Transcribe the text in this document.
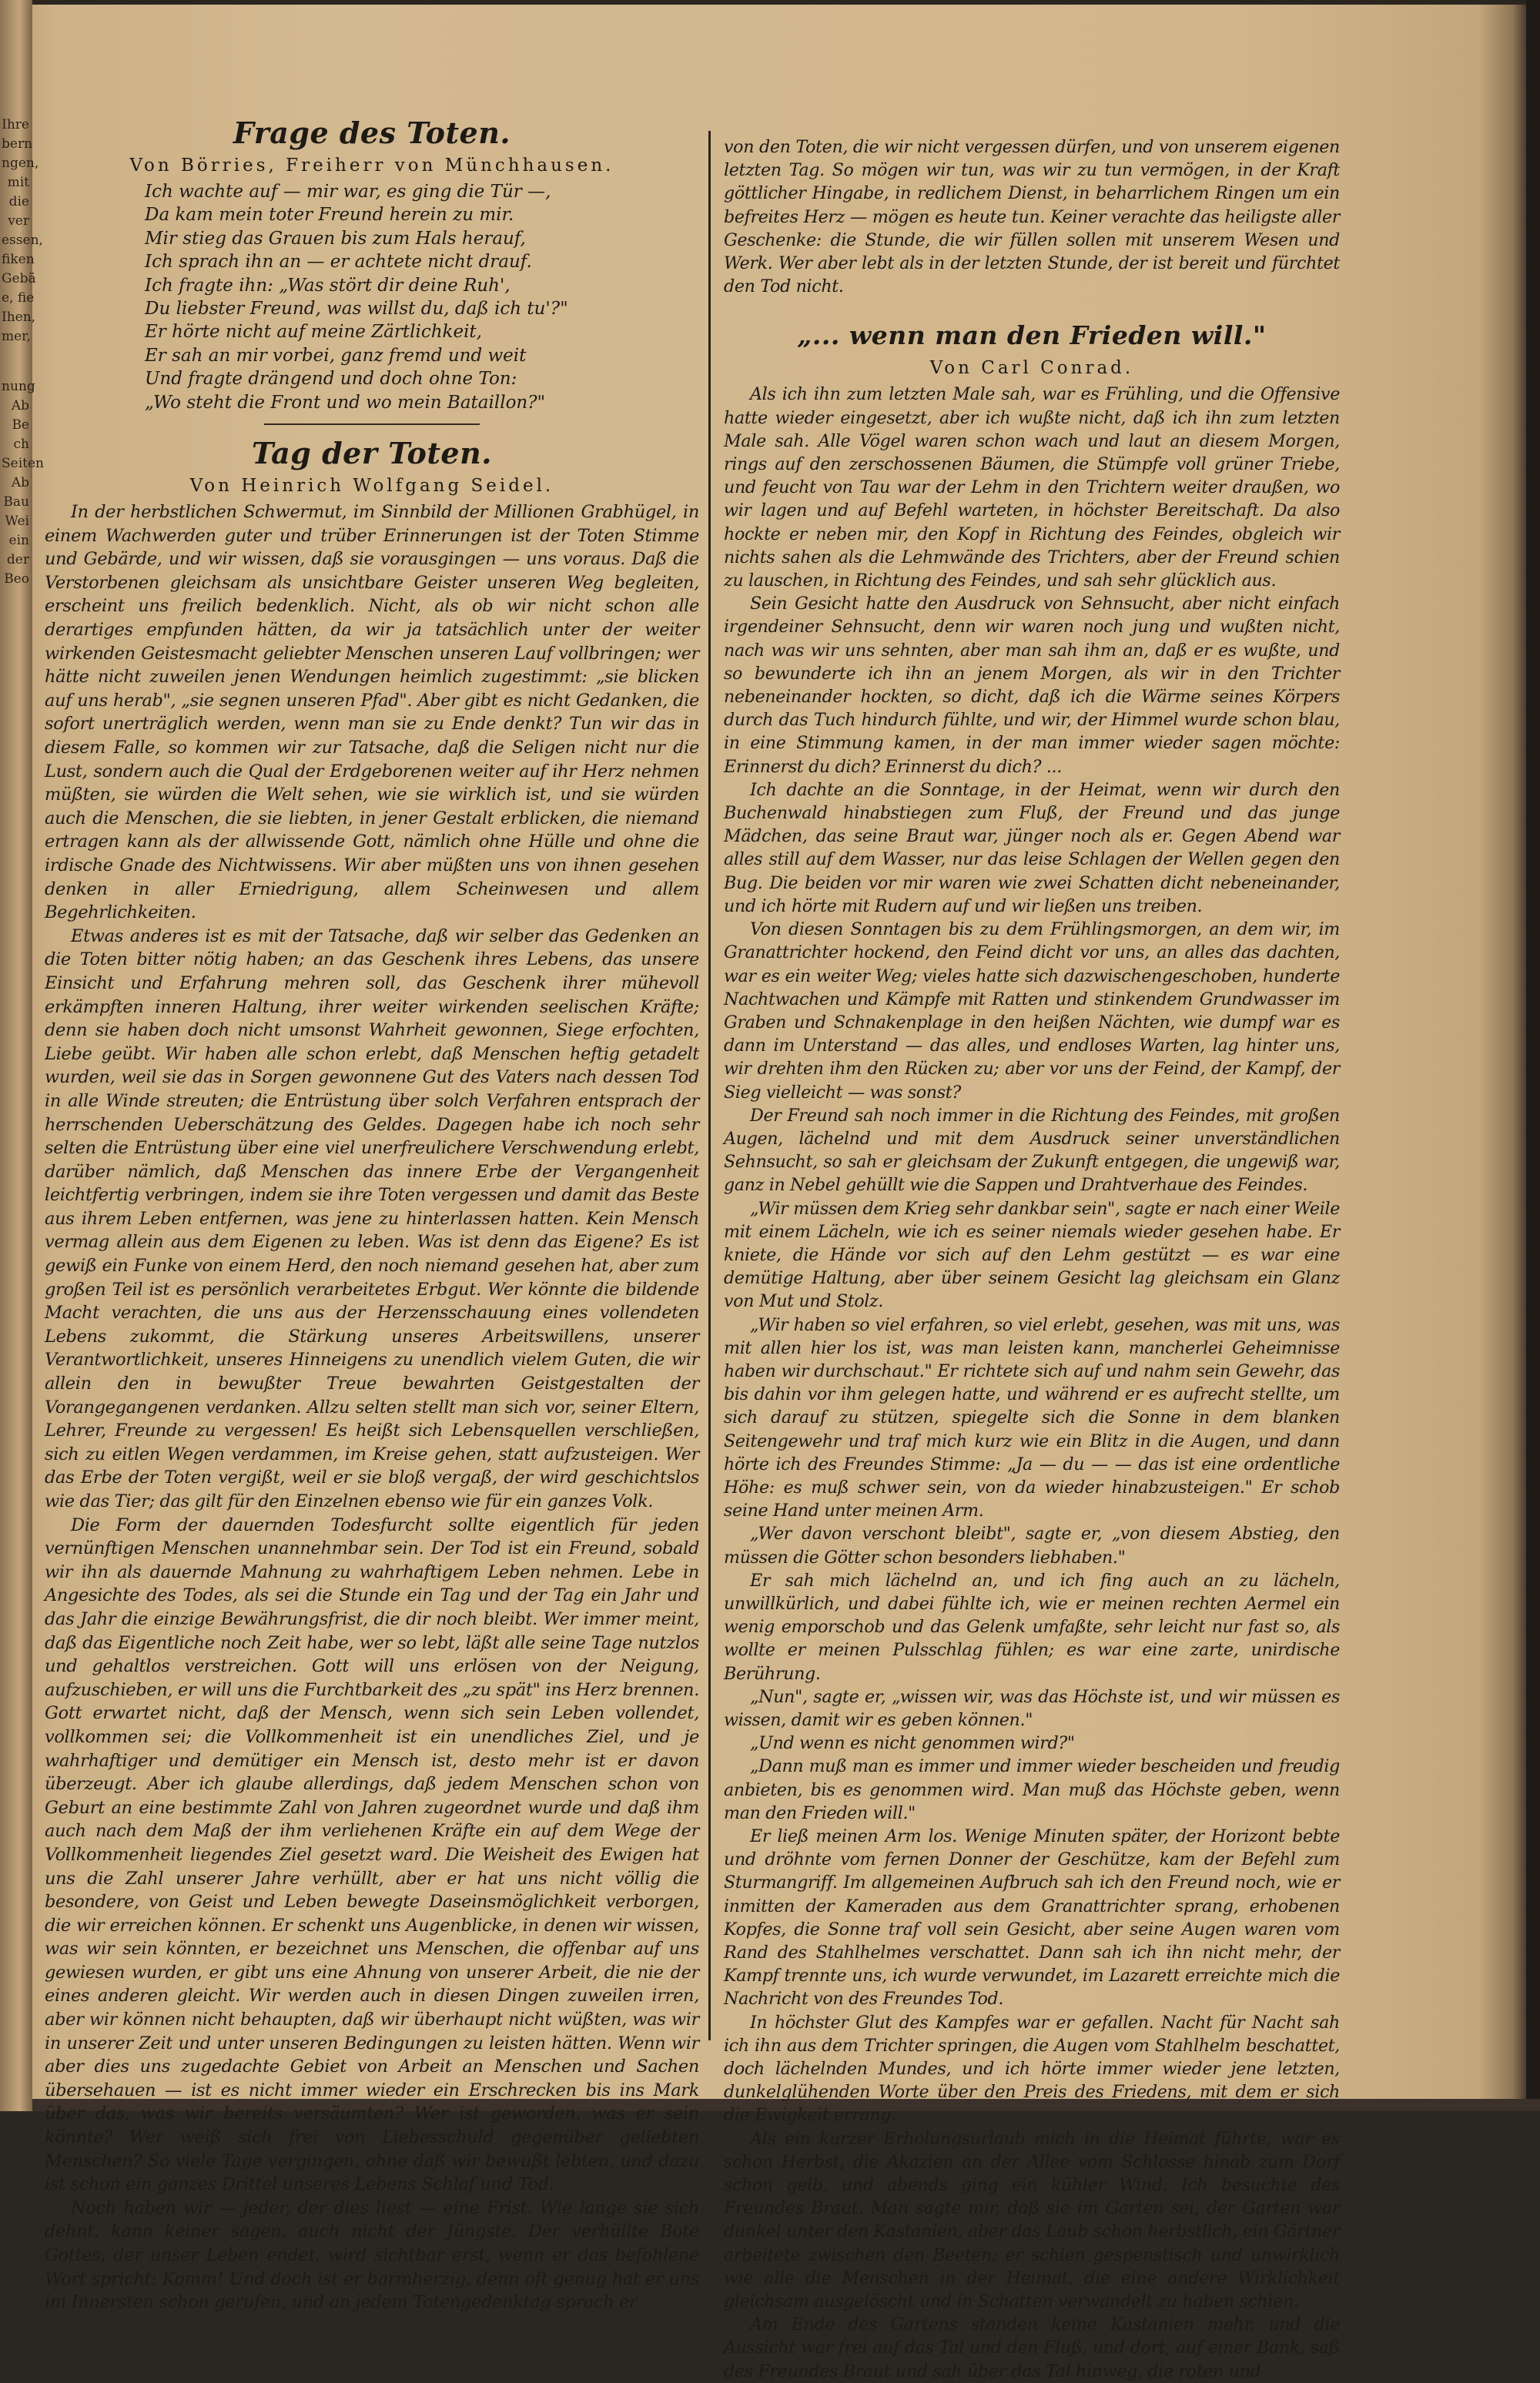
Ihre
bern
ngen,
mit
die
ver
essen,
fiken
Gebä
e, fie
Ihen,
mer,
nung
Ab
Be
ch
Seiten
Ab
Bau
Wei
ein
der
Beo
Frage des Toten.
Von Börries, Freiherr von Münchhausen.
Ich wachte auf — mir war, es ging die Tür —,
Da kam mein toter Freund herein zu mir.
Mir stieg das Grauen bis zum Hals herauf,
Ich sprach ihn an — er achtete nicht drauf.
Ich fragte ihn: „Was stört dir deine Ruh',
Du liebster Freund, was willst du, daß ich tu'?"
Er hörte nicht auf meine Zärtlichkeit,
Er sah an mir vorbei, ganz fremd und weit
Und fragte drängend und doch ohne Ton:
„Wo steht die Front und wo mein Bataillon?"
Tag der Toten.
Von Heinrich Wolfgang Seidel.

In der herbstlichen Schwermut, im Sinnbild der Millionen Grabhügel, in einem Wachwerden guter und trüber Erinnerungen ist der Toten Stimme und Gebärde, und wir wissen, daß sie vorausgingen — uns voraus. Daß die Verstorbenen gleichsam als unsichtbare Geister unseren Weg begleiten, erscheint uns freilich bedenklich. Nicht, als ob wir nicht schon alle derartiges empfunden hätten, da wir ja tatsächlich unter der weiter wirkenden Geistesmacht geliebter Menschen unseren Lauf vollbringen; wer hätte nicht zuweilen jenen Wendungen heimlich zugestimmt: „sie blicken auf uns herab", „sie segnen unseren Pfad". Aber gibt es nicht Gedanken, die sofort unerträglich werden, wenn man sie zu Ende denkt? Tun wir das in diesem Falle, so kommen wir zur Tatsache, daß die Seligen nicht nur die Lust, sondern auch die Qual der Erdgeborenen weiter auf ihr Herz nehmen müßten, sie würden die Welt sehen, wie sie wirklich ist, und sie würden auch die Menschen, die sie liebten, in jener Gestalt erblicken, die niemand ertragen kann als der allwissende Gott, nämlich ohne Hülle und ohne die irdische Gnade des Nichtwissens. Wir aber müßten uns von ihnen gesehen denken in aller Erniedrigung, allem Scheinwesen und allem Begehrlichkeiten.

Etwas anderes ist es mit der Tatsache, daß wir selber das Gedenken an die Toten bitter nötig haben; an das Geschenk ihres Lebens, das unsere Einsicht und Erfahrung mehren soll, das Geschenk ihrer mühevoll erkämpften inneren Haltung, ihrer weiter wirkenden seelischen Kräfte; denn sie haben doch nicht umsonst Wahrheit gewonnen, Siege erfochten, Liebe geübt. Wir haben alle schon erlebt, daß Menschen heftig getadelt wurden, weil sie das in Sorgen gewonnene Gut des Vaters nach dessen Tod in alle Winde streuten; die Entrüstung über solch Verfahren entsprach der herrschenden Ueberschätzung des Geldes. Dagegen habe ich noch sehr selten die Entrüstung über eine viel unerfreulichere Verschwendung erlebt, darüber nämlich, daß Menschen das innere Erbe der Vergangenheit leichtfertig verbringen, indem sie ihre Toten vergessen und damit das Beste aus ihrem Leben entfernen, was jene zu hinterlassen hatten. Kein Mensch vermag allein aus dem Eigenen zu leben. Was ist denn das Eigene? Es ist gewiß ein Funke von einem Herd, den noch niemand gesehen hat, aber zum großen Teil ist es persönlich verarbeitetes Erbgut. Wer könnte die bildende Macht verachten, die uns aus der Herzensschauung eines vollendeten Lebens zukommt, die Stärkung unseres Arbeitswillens, unserer Verantwortlichkeit, unseres Hinneigens zu unendlich vielem Guten, die wir allein den in bewußter Treue bewahrten Geistgestalten der Vorangegangenen verdanken. Allzu selten stellt man sich vor, seiner Eltern, Lehrer, Freunde zu vergessen! Es heißt sich Lebensquellen verschließen, sich zu eitlen Wegen verdammen, im Kreise gehen, statt aufzusteigen. Wer das Erbe der Toten vergißt, weil er sie bloß vergaß, der wird geschichtslos wie das Tier; das gilt für den Einzelnen ebenso wie für ein ganzes Volk.

Die Form der dauernden Todesfurcht sollte eigentlich für jeden vernünftigen Menschen unannehmbar sein. Der Tod ist ein Freund, sobald wir ihn als dauernde Mahnung zu wahrhaftigem Leben nehmen. Lebe in Angesichte des Todes, als sei die Stunde ein Tag und der Tag ein Jahr und das Jahr die einzige Bewährungsfrist, die dir noch bleibt. Wer immer meint, daß das Eigentliche noch Zeit habe, wer so lebt, läßt alle seine Tage nutzlos und gehaltlos verstreichen. Gott will uns erlösen von der Neigung, aufzuschieben, er will uns die Furchtbarkeit des „zu spät" ins Herz brennen. Gott erwartet nicht, daß der Mensch, wenn sich sein Leben vollendet, vollkommen sei; die Vollkommenheit ist ein unendliches Ziel, und je wahrhaftiger und demütiger ein Mensch ist, desto mehr ist er davon überzeugt. Aber ich glaube allerdings, daß jedem Menschen schon von Geburt an eine bestimmte Zahl von Jahren zugeordnet wurde und daß ihm auch nach dem Maß der ihm verliehenen Kräfte ein auf dem Wege der Vollkommenheit liegendes Ziel gesetzt ward. Die Weisheit des Ewigen hat uns die Zahl unserer Jahre verhüllt, aber er hat uns nicht völlig die besondere, von Geist und Leben bewegte Daseinsmöglichkeit verborgen, die wir erreichen können. Er schenkt uns Augenblicke, in denen wir wissen, was wir sein könnten, er bezeichnet uns Menschen, die offenbar auf uns gewiesen wurden, er gibt uns eine Ahnung von unserer Arbeit, die nie der eines anderen gleicht. Wir werden auch in diesen Dingen zuweilen irren, aber wir können nicht behaupten, daß wir überhaupt nicht wüßten, was wir in unserer Zeit und unter unseren Bedingungen zu leisten hätten. Wenn wir aber dies uns zugedachte Gebiet von Arbeit an Menschen und Sachen übersehauen — ist es nicht immer wieder ein Erschrecken bis ins Mark über das, was wir bereits versäumten? Wer ist geworden, was er sein könnte? Wer weiß sich frei von Liebesschuld gegenüber geliebten Menschen? So viele Tage vergingen, ohne daß wir bewußt lebten, und dazu ist schon ein ganzes Drittel unseres Lebens Schlaf und Tod.

Noch haben wir — jeder, der dies liest — eine Frist. Wie lange sie sich dehnt, kann keiner sagen, auch nicht der Jüngste. Der verhüllte Bote Gottes, der unser Leben endet, wird sichtbar erst, wenn er das befohlene Wort spricht: Komm! Und doch ist er barmherzig, denn oft genug hat er uns im Innersten schon gerufen, und an jedem Totengedenktag sprach er

von den Toten, die wir nicht vergessen dürfen, und von unserem eigenen letzten Tag. So mögen wir tun, was wir zu tun vermögen, in der Kraft göttlicher Hingabe, in redlichem Dienst, in beharrlichem Ringen um ein befreites Herz — mögen es heute tun. Keiner verachte das heiligste aller Geschenke: die Stunde, die wir füllen sollen mit unserem Wesen und Werk. Wer aber lebt als in der letzten Stunde, der ist bereit und fürchtet den Tod nicht.

„... wenn man den Frieden will."
Von Carl Conrad.

Als ich ihn zum letzten Male sah, war es Frühling, und die Offensive hatte wieder eingesetzt, aber ich wußte nicht, daß ich ihn zum letzten Male sah. Alle Vögel waren schon wach und laut an diesem Morgen, rings auf den zerschossenen Bäumen, die Stümpfe voll grüner Triebe, und feucht von Tau war der Lehm in den Trichtern weiter draußen, wo wir lagen und auf Befehl warteten, in höchster Bereitschaft. Da also hockte er neben mir, den Kopf in Richtung des Feindes, obgleich wir nichts sahen als die Lehmwände des Trichters, aber der Freund schien zu lauschen, in Richtung des Feindes, und sah sehr glücklich aus.

Sein Gesicht hatte den Ausdruck von Sehnsucht, aber nicht einfach irgendeiner Sehnsucht, denn wir waren noch jung und wußten nicht, nach was wir uns sehnten, aber man sah ihm an, daß er es wußte, und so bewunderte ich ihn an jenem Morgen, als wir in den Trichter nebeneinander hockten, so dicht, daß ich die Wärme seines Körpers durch das Tuch hindurch fühlte, und wir, der Himmel wurde schon blau, in eine Stimmung kamen, in der man immer wieder sagen möchte: Erinnerst du dich? Erinnerst du dich? ...

Ich dachte an die Sonntage, in der Heimat, wenn wir durch den Buchenwald hinabstiegen zum Fluß, der Freund und das junge Mädchen, das seine Braut war, jünger noch als er. Gegen Abend war alles still auf dem Wasser, nur das leise Schlagen der Wellen gegen den Bug. Die beiden vor mir waren wie zwei Schatten dicht nebeneinander, und ich hörte mit Rudern auf und wir ließen uns treiben.

Von diesen Sonntagen bis zu dem Frühlingsmorgen, an dem wir, im Granattrichter hockend, den Feind dicht vor uns, an alles das dachten, war es ein weiter Weg; vieles hatte sich dazwischengeschoben, hunderte Nachtwachen und Kämpfe mit Ratten und stinkendem Grundwasser im Graben und Schnakenplage in den heißen Nächten, wie dumpf war es dann im Unterstand — das alles, und endloses Warten, lag hinter uns, wir drehten ihm den Rücken zu; aber vor uns der Feind, der Kampf, der Sieg vielleicht — was sonst?

Der Freund sah noch immer in die Richtung des Feindes, mit großen Augen, lächelnd und mit dem Ausdruck seiner unverständlichen Sehnsucht, so sah er gleichsam der Zukunft entgegen, die ungewiß war, ganz in Nebel gehüllt wie die Sappen und Drahtverhaue des Feindes.

„Wir müssen dem Krieg sehr dankbar sein", sagte er nach einer Weile mit einem Lächeln, wie ich es seiner niemals wieder gesehen habe. Er kniete, die Hände vor sich auf den Lehm gestützt — es war eine demütige Haltung, aber über seinem Gesicht lag gleichsam ein Glanz von Mut und Stolz.

„Wir haben so viel erfahren, so viel erlebt, gesehen, was mit uns, was mit allen hier los ist, was man leisten kann, mancherlei Geheimnisse haben wir durchschaut." Er richtete sich auf und nahm sein Gewehr, das bis dahin vor ihm gelegen hatte, und während er es aufrecht stellte, um sich darauf zu stützen, spiegelte sich die Sonne in dem blanken Seitengewehr und traf mich kurz wie ein Blitz in die Augen, und dann hörte ich des Freundes Stimme: „Ja — du — — das ist eine ordentliche Höhe: es muß schwer sein, von da wieder hinabzusteigen." Er schob seine Hand unter meinen Arm.

„Wer davon verschont bleibt", sagte er, „von diesem Abstieg, den müssen die Götter schon besonders liebhaben."

Er sah mich lächelnd an, und ich fing auch an zu lächeln, unwillkürlich, und dabei fühlte ich, wie er meinen rechten Aermel ein wenig emporschob und das Gelenk umfaßte, sehr leicht nur fast so, als wollte er meinen Pulsschlag fühlen; es war eine zarte, unirdische Berührung.

„Nun", sagte er, „wissen wir, was das Höchste ist, und wir müssen es wissen, damit wir es geben können."

„Und wenn es nicht genommen wird?"

„Dann muß man es immer und immer wieder bescheiden und freudig anbieten, bis es genommen wird. Man muß das Höchste geben, wenn man den Frieden will."

Er ließ meinen Arm los. Wenige Minuten später, der Horizont bebte und dröhnte vom fernen Donner der Geschütze, kam der Befehl zum Sturmangriff. Im allgemeinen Aufbruch sah ich den Freund noch, wie er inmitten der Kameraden aus dem Granattrichter sprang, erhobenen Kopfes, die Sonne traf voll sein Gesicht, aber seine Augen waren vom Rand des Stahlhelmes verschattet. Dann sah ich ihn nicht mehr, der Kampf trennte uns, ich wurde verwundet, im Lazarett erreichte mich die Nachricht von des Freundes Tod.

In höchster Glut des Kampfes war er gefallen. Nacht für Nacht sah ich ihn aus dem Trichter springen, die Augen vom Stahlhelm beschattet, doch lächelnden Mundes, und ich hörte immer wieder jene letzten, dunkelglühenden Worte über den Preis des Friedens, mit dem er sich die Ewigkeit errang.

Als ein kurzer Erholungsurlaub mich in die Heimat führte, war es schon Herbst, die Akazien an der Allee vom Schlosse hinab zum Dorf schon gelb, und abends ging ein kühler Wind. Ich besuchte des Freundes Braut. Man sagte mir, daß sie im Garten sei, der Garten war dunkel unter den Kastanien, aber das Laub schon herbstlich, ein Gärtner arbeitete zwischen den Beeten; er schien gespenstisch und unwirklich wie alle die Menschen in der Heimat, die eine andere Wirklichkeit gleichsam ausgelöscht und in Schatten verwandelt zu haben schien.

Am Ende des Gartens standen keine Kastanien mehr, und die Aussicht war frei auf das Tal und den Fluß, und dort, auf einer Bank, saß des Freundes Braut und sah über das Tal hinweg, die roten und
